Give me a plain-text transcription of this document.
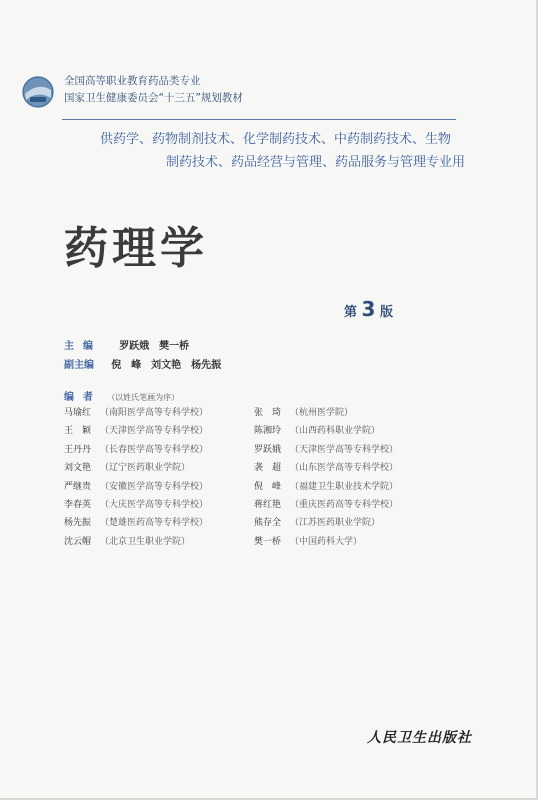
全国高等职业教育药品类专业
国家卫生健康委员会“十三五”规划教材
供药学、药物制剂技术、化学制药技术、中药制药技术、生物
制药技术、药品经营与管理、药品服务与管理专业用
药理学
第 3 版
主编 罗跃娥　樊一桥
副主编 倪　峰　刘文艳　杨先振
编者 （以姓氏笔画为序）
马瑜红 （南阳医学高等专科学校）
王　颖 （天津医学高等专科学校）
王丹丹 （长春医学高等专科学校）
刘文艳 （辽宁医药职业学院）
严继贵 （安徽医学高等专科学校）
李春英 （大庆医学高等专科学校）
杨先振 （楚雄医药高等专科学校）
沈云帽 （北京卫生职业学院）
张　琦 （杭州医学院）
陈湘玲 （山西药科职业学院）
罗跃娥 （天津医学高等专科学校）
袭　超 （山东医学高等专科学校）
倪　峰 （福建卫生职业技术学院）
蒋红艳 （重庆医药高等专科学校）
熊存全 （江苏医药职业学院）
樊一桥 （中国药科大学）
人民卫生出版社
